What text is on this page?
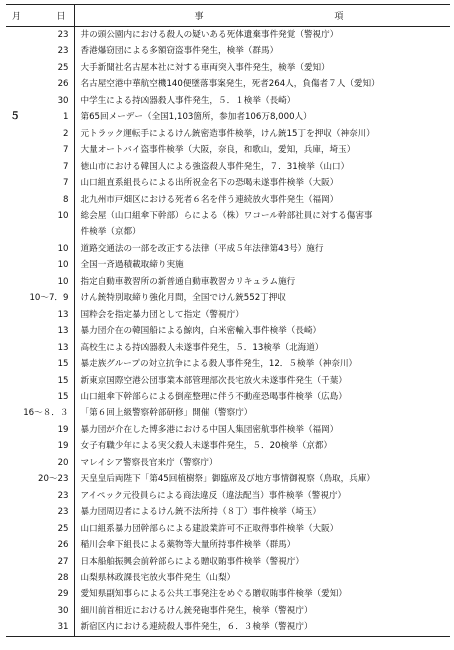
月	日	事 項
	23	井の頭公園内における殺人の疑いある死体遺棄事件発覚（警視庁）
	23	香港爆窃団による多額窃盗事件発生，検挙（群馬）
	25	大手新聞社名古屋本社に対する車両突入事件発生，検挙（愛知）
	26	名古屋空港中華航空機140便墜落事案発生，死者264人，負傷者７人（愛知）
	30	中学生による持凶器殺人事件発生，５．１検挙（長崎）
５	1	第65回メーデー（全国1,103箇所，参加者106万8,000人）
	2	元トラック運転手によるけん銃密造事件検挙，けん銃15丁を押収（神奈川）
	7	大量オートバイ盗事件検挙（大阪，奈良，和歌山，愛知，兵庫，埼玉）
	7	徳山市における韓国人による強盗殺人事件発生，７．31検挙（山口）
	7	山口組直系組長らによる出所祝金名下の恐喝未遂事件検挙（大阪）
	8	北九州市戸畑区における死者６名を伴う連続放火事件発生（福岡）
	10	総会屋（山口組傘下幹部）らによる（株）ワコール幹部社員に対する傷害事
		件検挙（京都）
	10	道路交通法の一部を改正する法律（平成５年法律第43号）施行
	10	全国一斉過積載取締り実施
	10	指定自動車教習所の新普通自動車教習カリキュラム施行
	10～7．9	けん銃特別取締り強化月間，全国でけん銃552丁押収
	13	国粋会を指定暴力団として指定（警視庁）
	13	暴力団介在の韓国船による鯨肉，白米密輸入事件検挙（長崎）
	13	高校生による持凶器殺人未遂事件発生，５．13検挙（北海道）
	15	暴走族グループの対立抗争による殺人事件発生，12．５検挙（神奈川）
	15	新東京国際空港公団事業本部管理部次長宅放火未遂事件発生（千葉）
	15	山口組傘下幹部らによる倒産整理に伴う不動産恐喝事件検挙（広島）
	16～８．３	「第６回上級警察幹部研修」開催（警察庁）
	19	暴力団が介在した博多港における中国人集団密航事件検挙（福岡）
	19	女子有職少年による実父殺人未遂事件発生，５．20検挙（京都）
	20	マレイシア警察長官来庁（警察庁）
	20～23	天皇皇后両陛下「第45回植樹祭」御臨席及び地方事情御視察（鳥取，兵庫）
	23	アイペック元役員らによる商法違反（違法配当）事件検挙（警視庁）
	23	暴力団周辺者によるけん銃不法所持（８丁）事件検挙（埼玉）
	25	山口組系暴力団幹部らによる建設業許可不正取得事件検挙（大阪）
	26	稲川会傘下組長による薬物等大量所持事件検挙（群馬）
	27	日本船舶振興会前幹部らによる贈収賄事件検挙（警視庁）
	28	山梨県林政課長宅放火事件発生（山梨）
	29	愛知県副知事らによる公共工事発注をめぐる贈収賄事件検挙（愛知）
	30	細川前首相近におけるけん銃発砲事件発生，検挙（警視庁）
	31	新宿区内における連続殺人事件発生，６．３検挙（警視庁）
